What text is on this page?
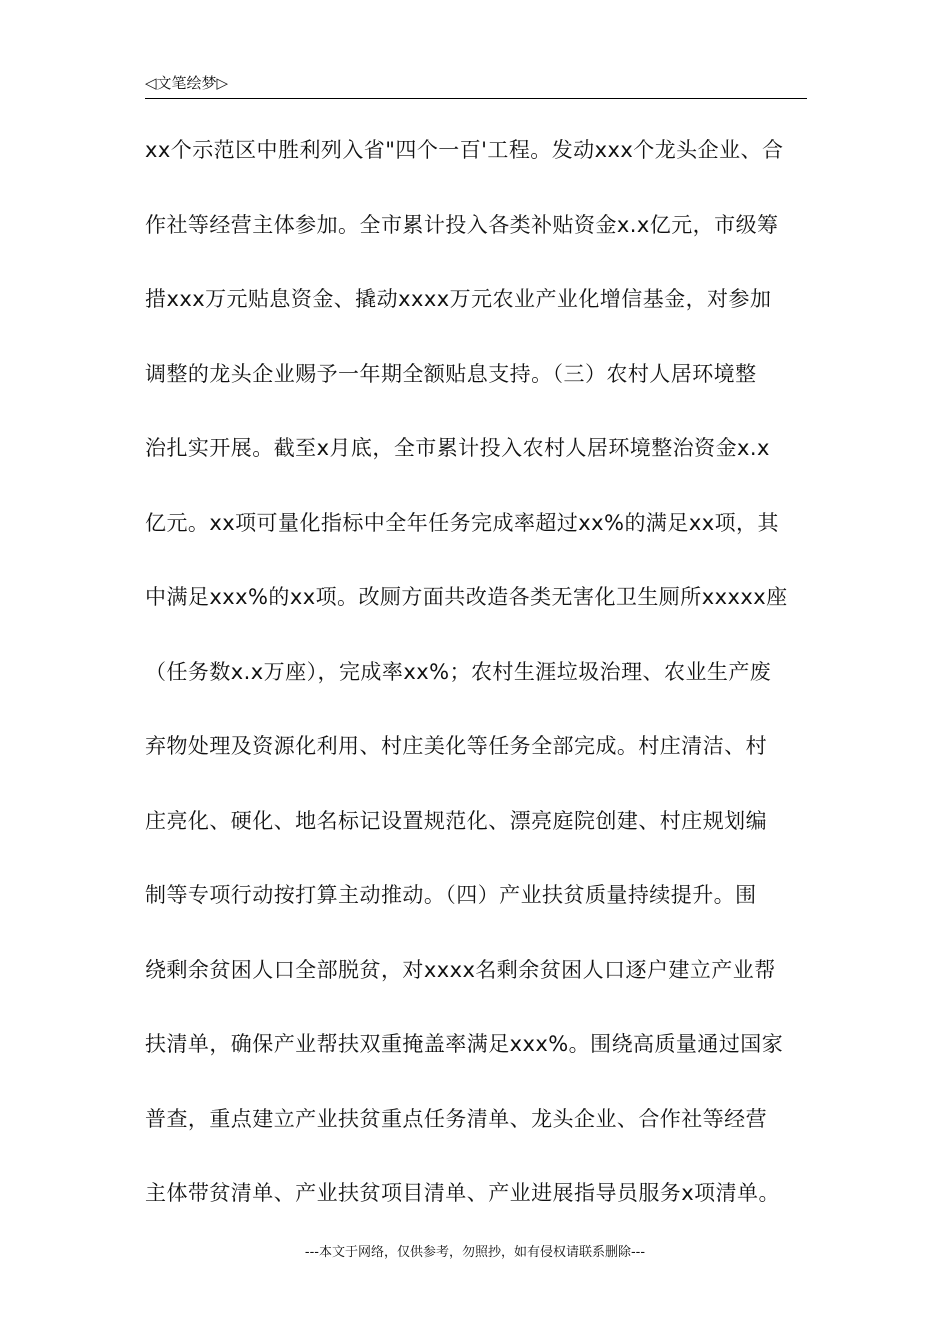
◁文笔绘梦▷
xx个示范区中胜利列入省"四个一百'工程。发动xxx个龙头企业、合
作社等经营主体参加。全市累计投入各类补贴资金x.x亿元，市级筹
措xxx万元贴息资金、撬动xxxx万元农业产业化增信基金，对参加
调整的龙头企业赐予一年期全额贴息支持。（三）农村人居环境整
治扎实开展。截至x月底，全市累计投入农村人居环境整治资金x.x
亿元。xx项可量化指标中全年任务完成率超过xx%的满足xx项，其
中满足xxx%的xx项。改厕方面共改造各类无害化卫生厕所xxxxx座
（任务数x.x万座），完成率xx%；农村生涯垃圾治理、农业生产废
弃物处理及资源化利用、村庄美化等任务全部完成。村庄清洁、村
庄亮化、硬化、地名标记设置规范化、漂亮庭院创建、村庄规划编
制等专项行动按打算主动推动。（四）产业扶贫质量持续提升。围
绕剩余贫困人口全部脱贫，对xxxx名剩余贫困人口逐户建立产业帮
扶清单，确保产业帮扶双重掩盖率满足xxx%。围绕高质量通过国家
普查，重点建立产业扶贫重点任务清单、龙头企业、合作社等经营
主体带贫清单、产业扶贫项目清单、产业进展指导员服务x项清单。
---本文于网络，仅供参考，勿照抄，如有侵权请联系删除---
